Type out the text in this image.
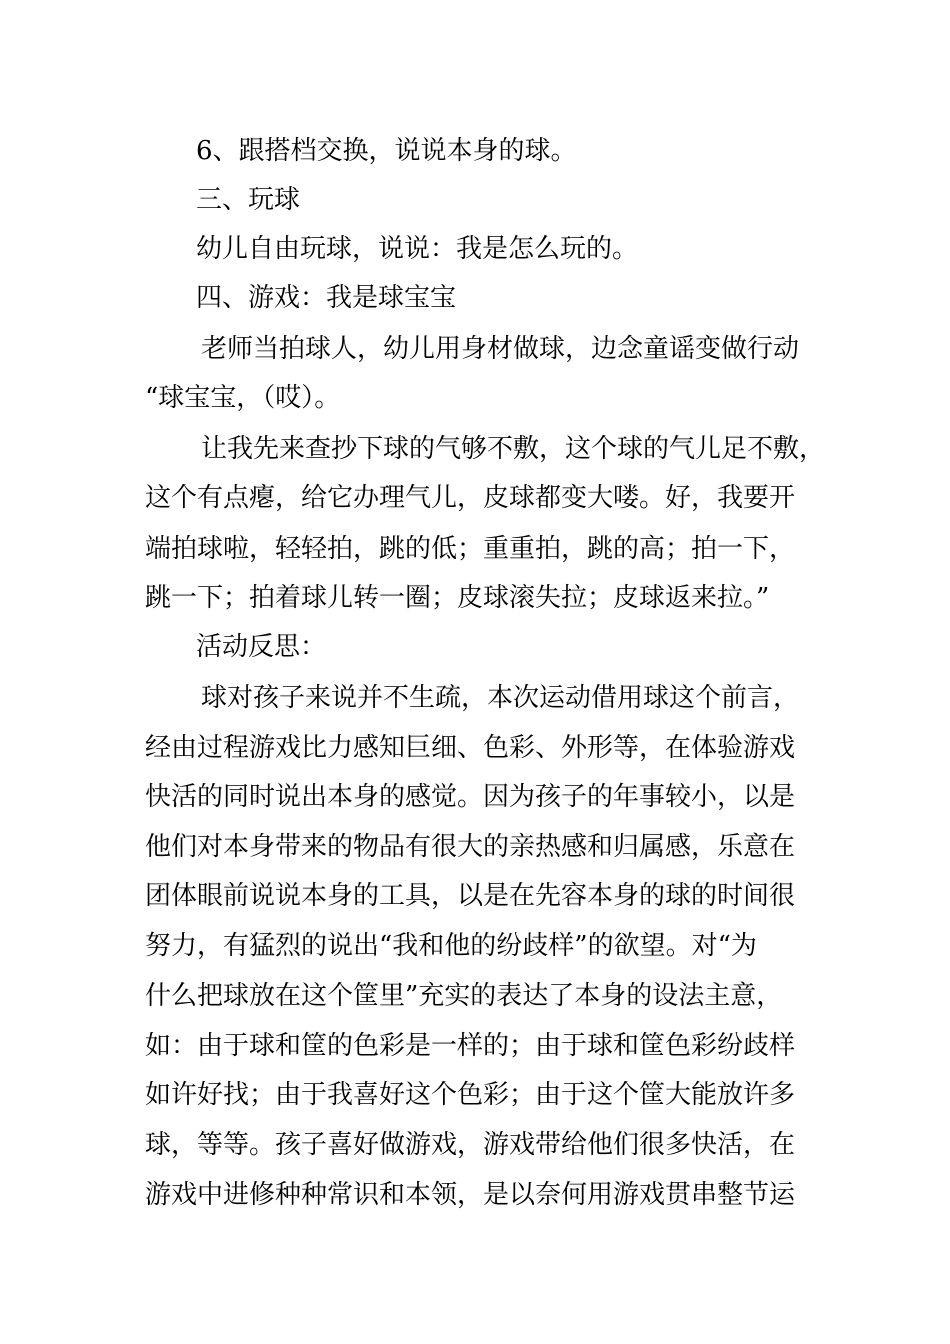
6、跟搭档交换，说说本身的球。
三、玩球
幼儿自由玩球，说说：我是怎么玩的。
四、游戏：我是球宝宝
老师当拍球人，幼儿用身材做球，边念童谣变做行动
“球宝宝，（哎）。
让我先来查抄下球的气够不敷，这个球的气儿足不敷，
这个有点瘪，给它办理气儿，皮球都变大喽。好，我要开
端拍球啦，轻轻拍，跳的低；重重拍，跳的高；拍一下，
跳一下；拍着球儿转一圈；皮球滚失拉；皮球返来拉。”
活动反思：
球对孩子来说并不生疏，本次运动借用球这个前言，
经由过程游戏比力感知巨细、色彩、外形等，在体验游戏
快活的同时说出本身的感觉。因为孩子的年事较小，以是
他们对本身带来的物品有很大的亲热感和归属感，乐意在
团体眼前说说本身的工具，以是在先容本身的球的时间很
努力，有猛烈的说出“我和他的纷歧样”的欲望。对“为
什么把球放在这个筐里”充实的表达了本身的设法主意，
如：由于球和筐的色彩是一样的；由于球和筐色彩纷歧样
如许好找；由于我喜好这个色彩；由于这个筐大能放许多
球，等等。孩子喜好做游戏，游戏带给他们很多快活，在
游戏中进修种种常识和本领，是以奈何用游戏贯串整节运
